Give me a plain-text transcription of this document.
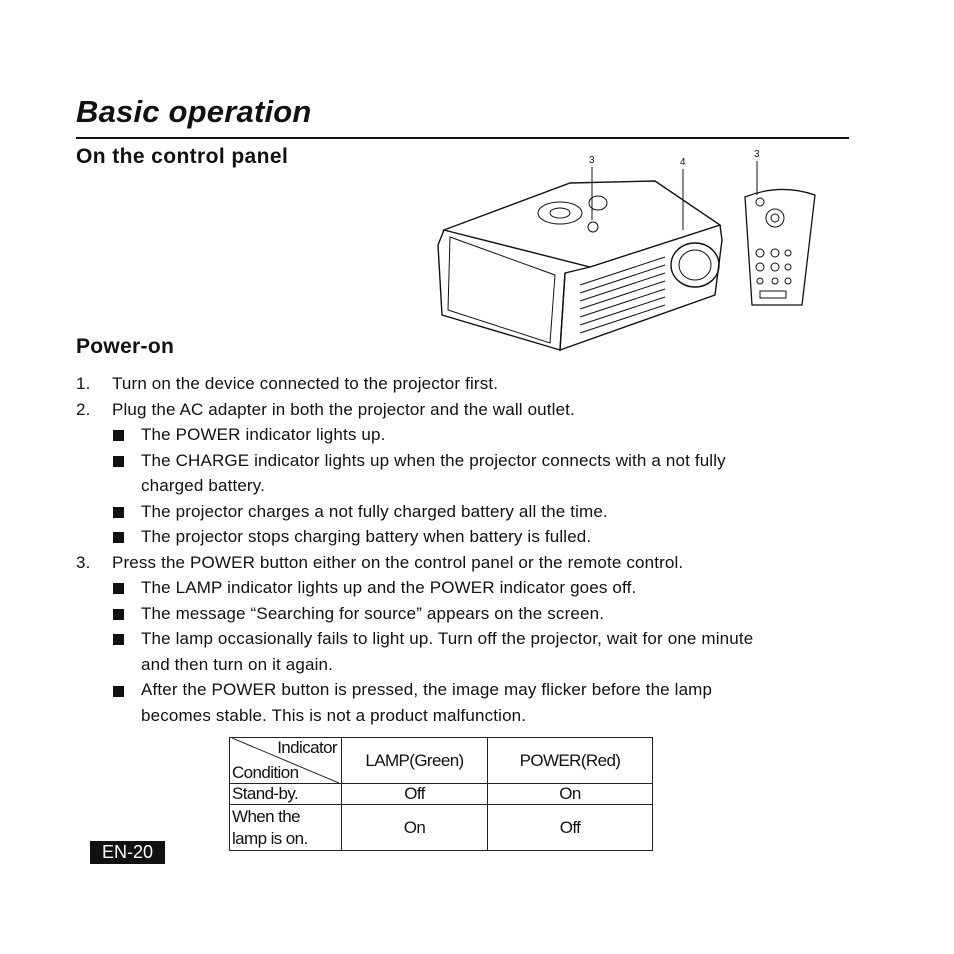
Basic operation
On the control panel	3	4
3
Power-on
1. Turn on the device connected to the projector first.
2. Plug the AC adapter in both the projector and the wall outlet.
The POWER indicator lights up.
The CHARGE indicator lights up when the projector connects with a not fully
charged battery.
The projector charges a not fully charged battery all the time.
The projector stops charging battery when battery is fulled.
3. Press the POWER button either on the control panel or the remote control.
The LAMP indicator lights up and the POWER indicator goes off.
The message “Searching for source” appears on the screen.
The lamp occasionally fails to light up. Turn off the projector, wait for one minute
and then turn on it again.
After the POWER button is pressed, the image may flicker before the lamp
becomes stable. This is not a product malfunction.
Indicator
Condition	LAMP(Green)	POWER(Red)
Stand-by.	Off	On

When the
lamp is on.	On	Off
EN-20
